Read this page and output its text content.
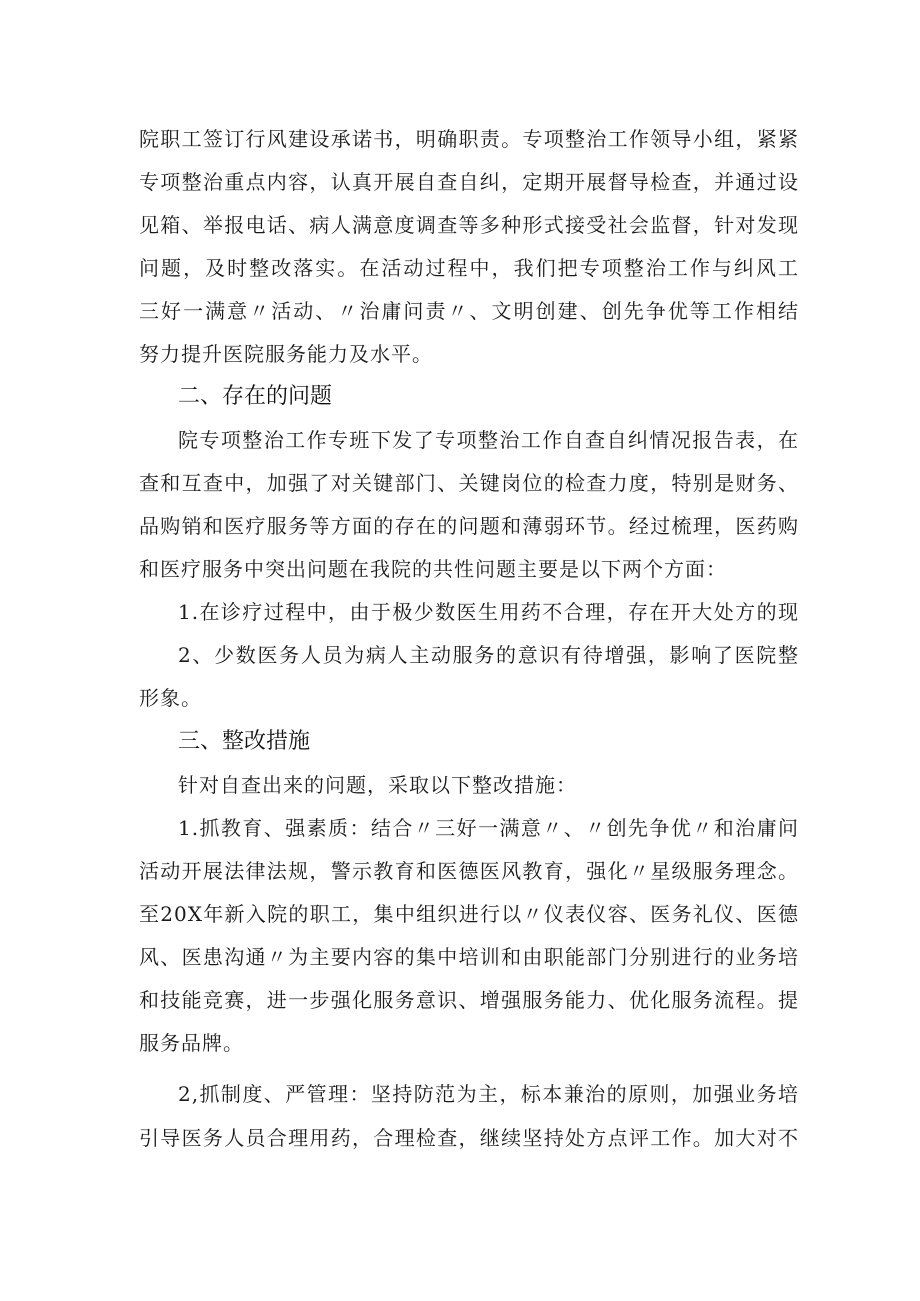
院职工签订行风建设承诺书，明确职责。专项整治工作领导小组，紧紧
专项整治重点内容，认真开展自查自纠，定期开展督导检查，并通过设
见箱、举报电话、病人满意度调查等多种形式接受社会监督，针对发现
问题，及时整改落实。在活动过程中，我们把专项整治工作与纠风工
三好一满意〃活动、〃治庸问责〃、文明创建、创先争优等工作相结
努力提升医院服务能力及水平。
二、存在的问题
院专项整治工作专班下发了专项整治工作自查自纠情况报告表，在
查和互查中，加强了对关键部门、关键岗位的检查力度，特别是财务、
品购销和医疗服务等方面的存在的问题和薄弱环节。经过梳理，医药购
和医疗服务中突出问题在我院的共性问题主要是以下两个方面：
1.在诊疗过程中，由于极少数医生用药不合理，存在开大处方的现
2、少数医务人员为病人主动服务的意识有待增强，影响了医院整
形象。
三、整改措施
针对自查出来的问题，采取以下整改措施：
1.抓教育、强素质：结合〃三好一满意〃、〃创先争优〃和治庸问
活动开展法律法规，警示教育和医德医风教育，强化〃星级服务理念。
至20X年新入院的职工，集中组织进行以〃仪表仪容、医务礼仪、医德
风、医患沟通〃为主要内容的集中培训和由职能部门分别进行的业务培
和技能竞赛，进一步强化服务意识、增强服务能力、优化服务流程。提
服务品牌。
2,抓制度、严管理：坚持防范为主，标本兼治的原则，加强业务培
引导医务人员合理用药，合理检查，继续坚持处方点评工作。加大对不
